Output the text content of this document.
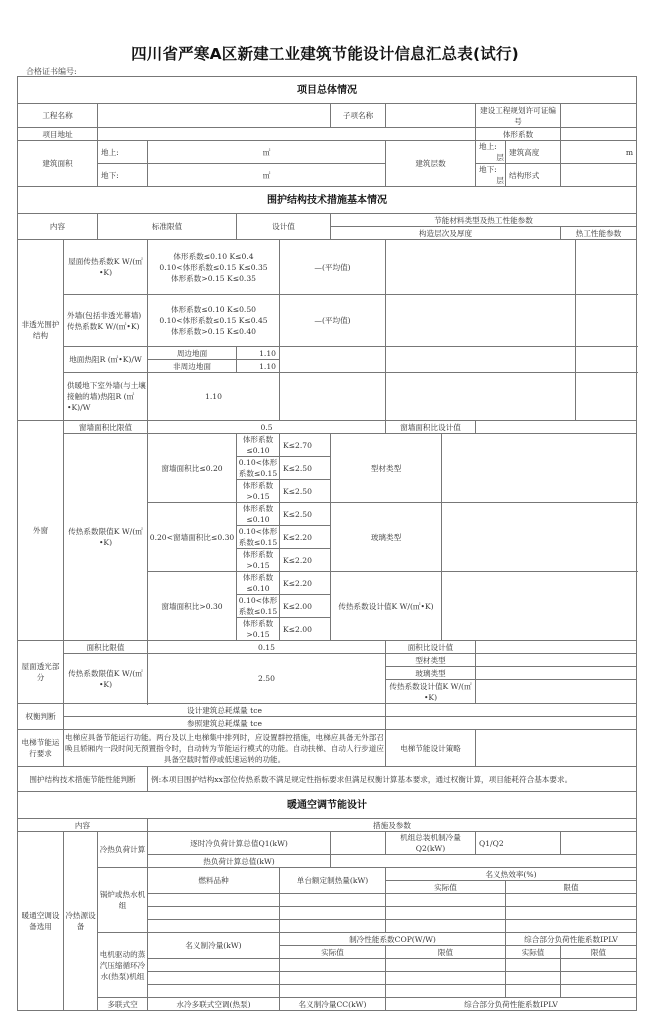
四川省严寒A区新建工业建筑节能设计信息汇总表(试行)
合格证书编号:
项目总体情况												
工程名称						子项名称			建设工程规划许可证编号			
项目地址									体形系数			
建筑面积		地上:	㎡				建筑层数		地上:
层	建筑高度	m	
		地下:	㎡						地下:
层	结构形式		
围护结构技术措施基本情况												
内容		标准限值		设计值		节能材料类型及热工性能参数						
						构造层次及厚度					热工性能参数	
非透光围护结构	屋面传热系数K W/(㎡•K)		体形系数≤0.10 K≤0.4
0.10<体形系数≤0.15 K≤0.35
体形系数>0.15 K≤0.35		—(平均值)							
	外墙(包括非透光幕墙)传热系数K W/(㎡•K)		体形系数≤0.10 K≤0.50
0.10<体形系数≤0.15 K≤0.45
体形系数>0.15 K≤0.40		—(平均值)							
	地面热阻R (㎡•K)/W		周边地面	1.10								
			非周边地面	1.10								
	供暖地下室外墙(与土壤接触的墙)热阻R (㎡•K)/W		1.10									
外窗	窗墙面积比限值		0.5				窗墙面积比设计值					
	传热系数限值K W/(㎡•K)		窗墙面积比≤0.20	体形系数≤0.10	K≤2.70	型材类型						
				0.10<体形系数≤0.15	K≤2.50							
				体形系数>0.15	K≤2.50							
			0.20<窗墙面积比≤0.30	体形系数≤0.10	K≤2.50	玻璃类型						
				0.10<体形系数≤0.15	K≤2.20							
				体形系数>0.15	K≤2.20							
			窗墙面积比>0.30	体形系数≤0.10	K≤2.20	传热系数设计值K W/(㎡•K)						
				0.10<体形系数≤0.15	K≤2.00							
				体形系数>0.15	K≤2.00							
屋面透光部分	面积比限值		0.15				面积比设计值					
	传热系数限值K W/(㎡•K)		2.50				型材类型					
							玻璃类型					
							传热系数设计值K W/(㎡•K)					

权衡判断	设计建筑总耗煤量 tce											
	参照建筑总耗煤量 tce											
电梯节能运行要求	电梯应具备节能运行功能。两台及以上电梯集中排列时，应设置群控措施，电梯应具备无外部召唤且轿厢内一段时间无预置指令时，自动转为节能运行模式的功能。自动扶梯、自动人行步道应具备空载时暂停或低速运转的功能。						电梯节能设计策略					
围护结构技术措施节能性能判断			例:本项目围护结构xx部位传热系数不满足规定性指标要求但满足权衡计算基本要求，通过权衡计算，项目能耗符合基本要求。									
暖通空调节能设计												
内容			措施及参数									
暖通空调设备选用	冷热源设备	冷热负荷计算	逐时冷负荷计算总值Q1(kW)				机组总装机制冷量Q2(kW)		Q1/Q2			
			热负荷计算总值(kW)									
		锅炉或热水机组	燃料品种		单台额定制热量(kW)		名义热效率(%)					
							实际值			限值		

		电机驱动的蒸汽压缩循环冷水(热泵)机组	名义制冷量(kW)		制冷性能系数COP(W/W)					综合部分负荷性能系数IPLV		
					实际值		限值			实际值	限值	

		多联式空	水冷多联式空调(热泵)		名义制冷量CC(kW)		综合部分负荷性能系数IPLV					
